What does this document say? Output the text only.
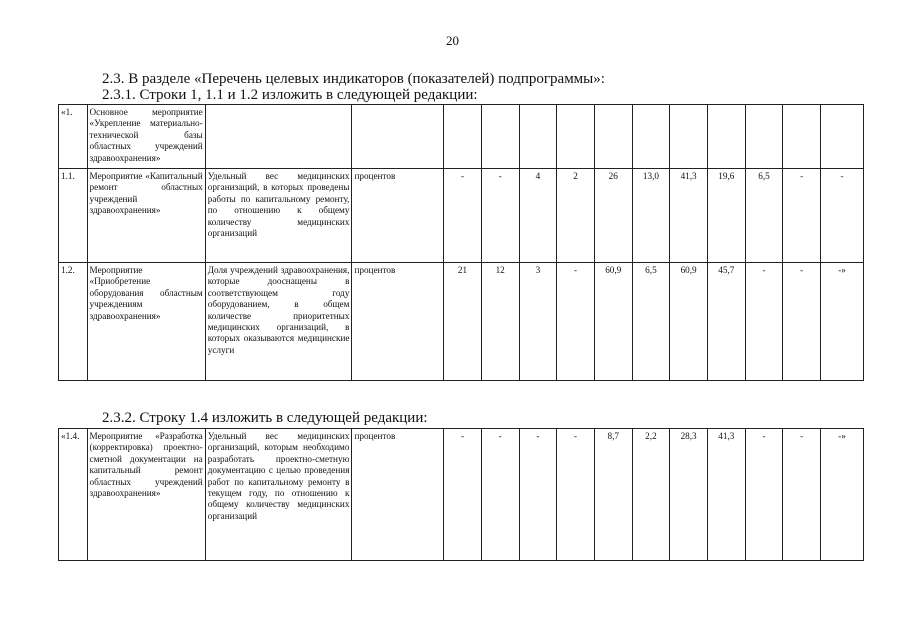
20
2.3. В разделе «Перечень целевых индикаторов (показателей) подпрограммы»:
2.3.1. Строки 1, 1.1 и 1.2 изложить в следующей редакции:
«1.	Основное мероприятие «Укрепление материально-технической базы областных учреждений здравоохранения»													
1.1.	Мероприятие «Капитальный ремонт областных учреждений здравоохранения»	Удельный вес медицинских организаций, в которых проведены работы по капитальному ремонту, по отношению к общему количеству медицинских организаций	процентов	-	-	4	2	26	13,0	41,3	19,6	6,5	-	-
1.2.	Мероприятие «Приобретение оборудования областным учреждениям здравоохранения»	Доля учреждений здравоохранения, которые дооснащены в соответствующем году оборудованием, в общем количестве приоритетных медицинских организаций, в которых оказываются медицинские услуги	процентов	21	12	3	-	60,9	6,5	60,9	45,7	-	-	-»
2.3.2. Строку 1.4 изложить в следующей редакции:
«1.4.	Мероприятие «Разработка (корректировка) проектно-сметной документации на капитальный ремонт областных учреждений здравоохранения»	Удельный вес медицинских организаций, которым необходимо разработать проектно-сметную документацию с целью проведения работ по капитальному ремонту в текущем году, по отношению к общему количеству медицинских организаций	процентов	-	-	-	-	8,7	2,2	28,3	41,3	-	-	-»
